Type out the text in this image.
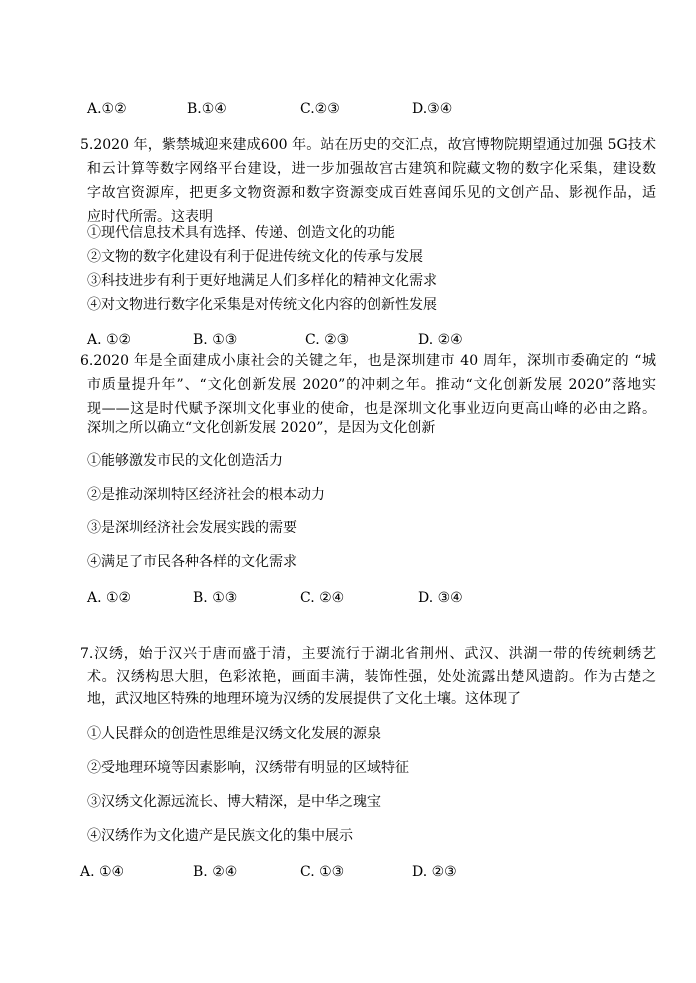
A.①②	B.①④	C.②③	D.③④
5.2020 年，紫禁城迎来建成600 年。站在历史的交汇点，故宫博物院期望通过加强 5G技术
和云计算等数字网络平台建设，进一步加强故宫古建筑和院藏文物的数字化采集，建设数
字故宫资源库，把更多文物资源和数字资源变成百姓喜闻乐见的文创产品、影视作品，适
应时代所需。这表明
①现代信息技术具有选择、传递、创造文化的功能
②文物的数字化建设有利于促进传统文化的传承与发展
③科技进步有利于更好地满足人们多样化的精神文化需求
④对文物进行数字化采集是对传统文化内容的创新性发展
A. ①②	B. ①③	C. ②③	D. ②④
6.2020 年是全面建成小康社会的关键之年，也是深圳建市 40 周年，深圳市委确定的 “城
市质量提升年”、“文化创新发展 2020”的冲刺之年。推动“文化创新发展 2020”落地实
现——这是时代赋予深圳文化事业的使命，也是深圳文化事业迈向更高山峰的必由之路。
深圳之所以确立“文化创新发展 2020”，是因为文化创新
①能够激发市民的文化创造活力
②是推动深圳特区经济社会的根本动力
③是深圳经济社会发展实践的需要
④满足了市民各种各样的文化需求
A. ①②	B. ①③	C. ②④	D. ③④
7.汉绣，始于汉兴于唐而盛于清，主要流行于湖北省荆州、武汉、洪湖一带的传统刺绣艺
术。汉绣构思大胆，色彩浓艳，画面丰满，装饰性强，处处流露出楚风遗韵。作为古楚之
地，武汉地区特殊的地理环境为汉绣的发展提供了文化土壤。这体现了
①人民群众的创造性思维是汉绣文化发展的源泉
②受地理环境等因素影响，汉绣带有明显的区域特征
③汉绣文化源远流长、博大精深，是中华之瑰宝
④汉绣作为文化遗产是民族文化的集中展示
A. ①④	B. ②④	C. ①③	D. ②③
